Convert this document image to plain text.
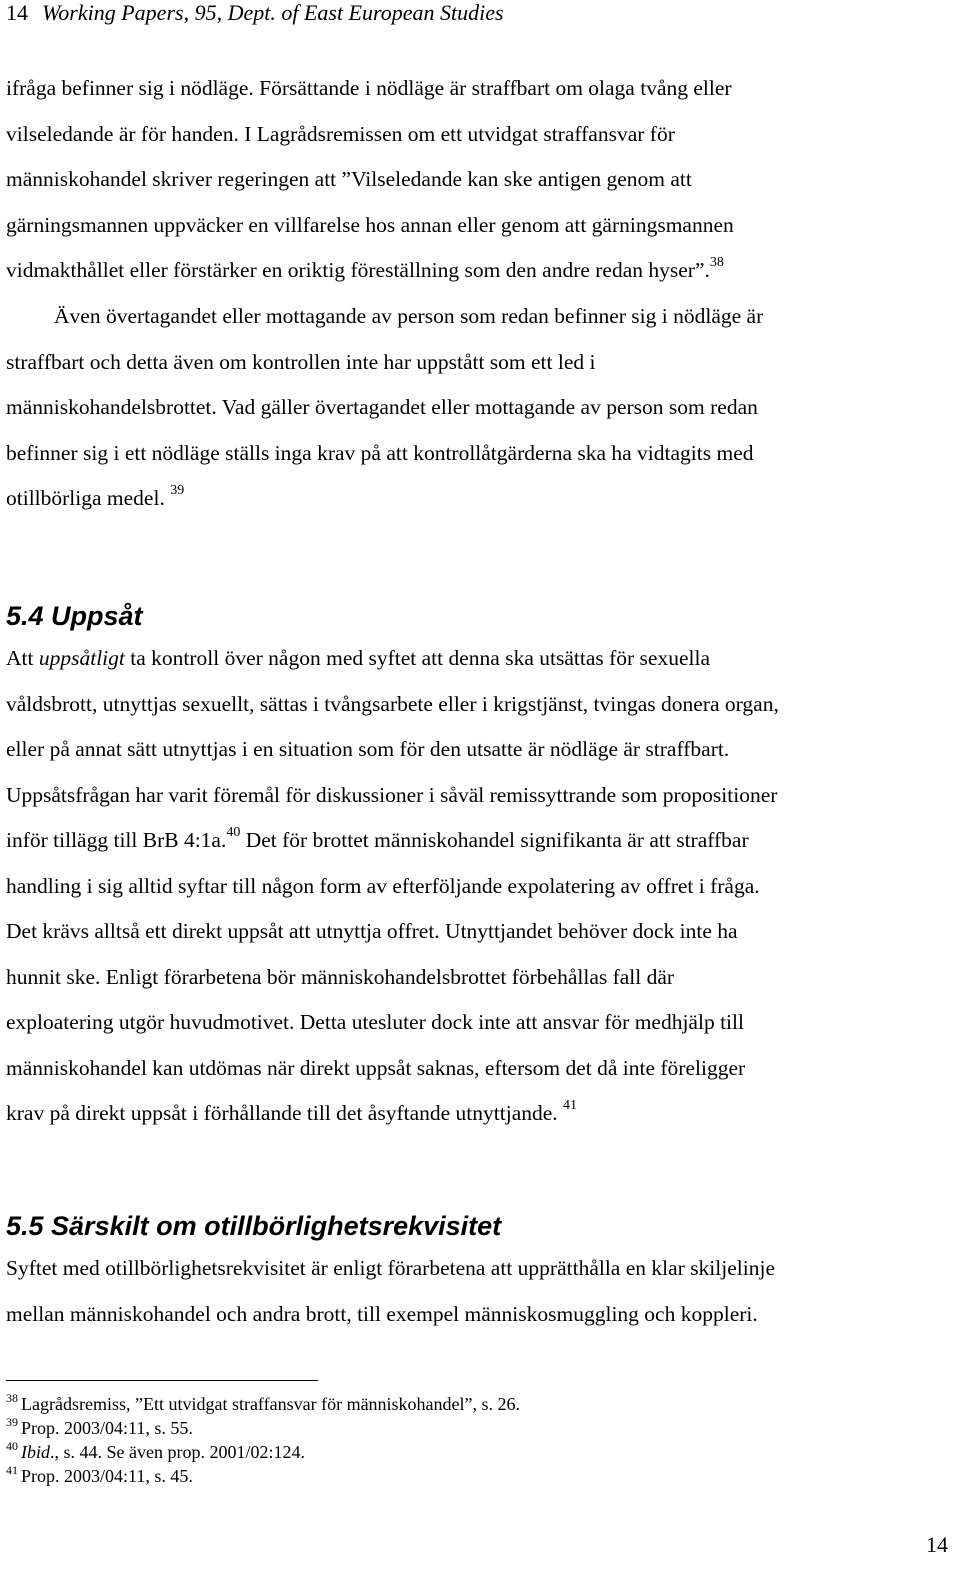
14 Working Papers, 95, Dept. of East European Studies
ifråga befinner sig i nödläge. Försättande i nödläge är straffbart om olaga tvång eller
vilseledande är för handen. I Lagrådsremissen om ett utvidgat straffansvar för
människohandel skriver regeringen att ”Vilseledande kan ske antigen genom att
gärningsmannen uppväcker en villfarelse hos annan eller genom att gärningsmannen
vidmakthållet eller förstärker en oriktig föreställning som den andre redan hyser”.$^{38}$
Även övertagandet eller mottagande av person som redan befinner sig i nödläge är
straffbart och detta även om kontrollen inte har uppstått som ett led i
människohandelsbrottet. Vad gäller övertagandet eller mottagande av person som redan
befinner sig i ett nödläge ställs inga krav på att kontrollåtgärderna ska ha vidtagits med
otillbörliga medel. $^{39}$
5.4 Uppsåt
Att uppsåtligt ta kontroll över någon med syftet att denna ska utsättas för sexuella
våldsbrott, utnyttjas sexuellt, sättas i tvångsarbete eller i krigstjänst, tvingas donera organ,
eller på annat sätt utnyttjas i en situation som för den utsatte är nödläge är straffbart.
Uppsåtsfrågan har varit föremål för diskussioner i såväl remissyttrande som propositioner
inför tillägg till BrB 4:1a.$^{40}$ Det för brottet människohandel signifikanta är att straffbar
handling i sig alltid syftar till någon form av efterföljande expolatering av offret i fråga.
Det krävs alltså ett direkt uppsåt att utnyttja offret. Utnyttjandet behöver dock inte ha
hunnit ske. Enligt förarbetena bör människohandelsbrottet förbehållas fall där
exploatering utgör huvudmotivet. Detta utesluter dock inte att ansvar för medhjälp till
människohandel kan utdömas när direkt uppsåt saknas, eftersom det då inte föreligger
krav på direkt uppsåt i förhållande till det åsyftande utnyttjande. $^{41}$
5.5 Särskilt om otillbörlighetsrekvisitet
Syftet med otillbörlighetsrekvisitet är enligt förarbetena att upprätthålla en klar skiljelinje
mellan människohandel och andra brott, till exempel människosmuggling och koppleri.
$^{38}$ Lagrådsremiss, ”Ett utvidgat straffansvar för människohandel”, s. 26.
$^{39}$ Prop. 2003/04:11, s. 55.
$^{40}$ Ibid., s. 44. Se även prop. 2001/02:124.
$^{41}$ Prop. 2003/04:11, s. 45.
14
